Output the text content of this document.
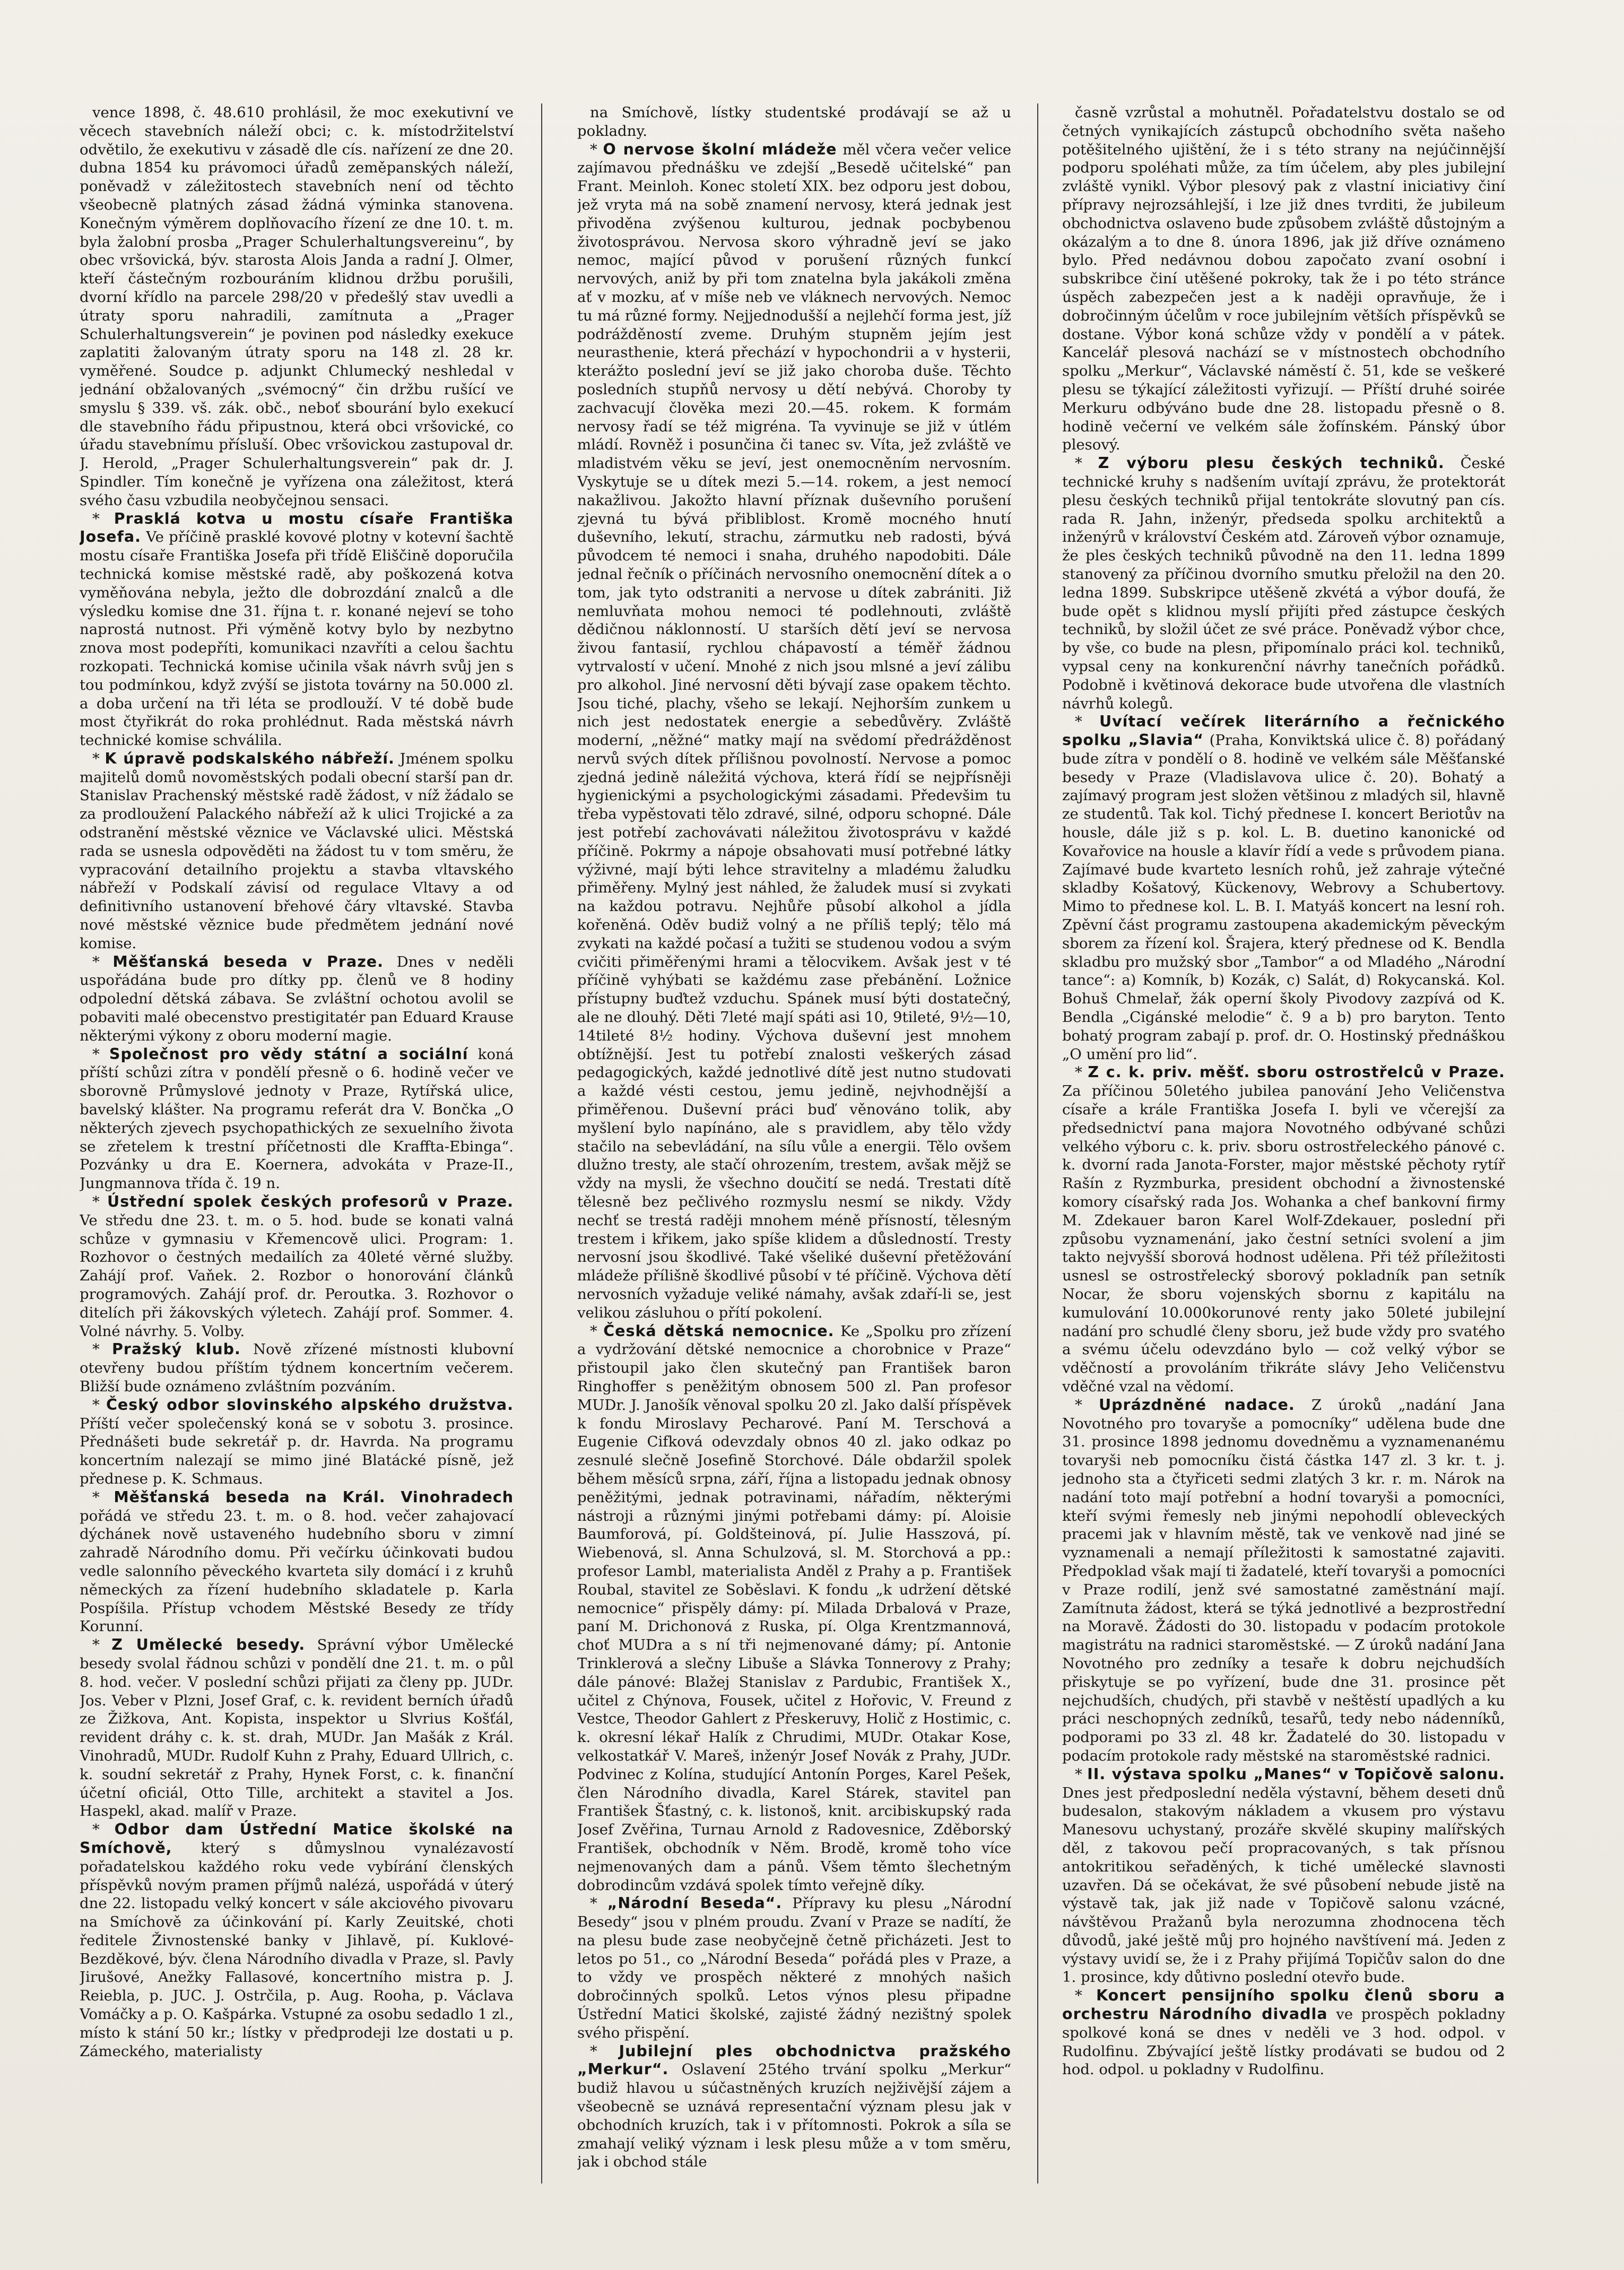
vence 1898, č. 48.610 prohlásil, že moc exekutivní ve věcech stavebních náleží obci; c. k. místodržitelství odvětilo, že exekutivu v zásadě dle cís. nařízení ze dne 20. dubna 1854 ku právomoci úřadů zeměpanských náleží, poněvadž v záležitostech stavebních není od těchto všeobecně platných zásad žádná výminka stanovena. Konečným výměrem doplňovacího řízení ze dne 10. t. m. byla žalobní prosba „Prager Schulerhaltungsvereinu“, by obec vršovická, býv. starosta Alois Janda a radní J. Olmer, kteří částečným rozbouráním klidnou držbu porušili, dvorní křídlo na parcele 298/20 v předešlý stav uvedli a útraty sporu nahradili, zamítnuta a „Prager Schulerhaltungsverein“ je povinen pod následky exekuce zaplatiti žalovaným útraty sporu na 148 zl. 28 kr. vyměřené. Soudce p. adjunkt Chlumecký neshledal v jednání obžalovaných „svémocný“ čin držbu rušící ve smyslu § 339. vš. zák. obč., neboť sbourání bylo exekucí dle stavebního řádu připustnou, která obci vršovické, co úřadu stavebnímu přísluší. Obec vršovickou zastupoval dr. J. Herold, „Prager Schulerhaltungsverein“ pak dr. J. Spindler. Tím konečně je vyřízena ona záležitost, která svého času vzbudila neobyčejnou sensaci.

* Prasklá kotva u mostu císaře Františka Josefa. Ve příčině prasklé kovové plotny v kotevní šachtě mostu císaře Františka Josefa při třídě Eliščině doporučila technická komise městské radě, aby poškozená kotva vyměňována nebyla, ježto dle dobrozdání znalců a dle výsledku komise dne 31. října t. r. konané nejeví se toho naprostá nutnost. Při výměně kotvy bylo by nezbytno znova most podepříti, komunikaci nzavříti a celou šachtu rozkopati. Technická komise učinila však návrh svůj jen s tou podmínkou, když zvýší se jistota továrny na 50.000 zl. a doba určení na tři léta se prodlouží. V té době bude most čtyřikrát do roka prohlédnut. Rada městská návrh technické komise schválila.

* K úpravě podskalského nábřeží. Jménem spolku majitelů domů novoměstských podali obecní starší pan dr. Stanislav Prachenský městské radě žádost, v níž žádalo se za prodloužení Palackého nábřeží až k ulici Trojické a za odstranění městské věznice ve Václavské ulici. Městská rada se usnesla odpověděti na žádost tu v tom směru, že vypracování detailního projektu a stavba vltavského nábřeží v Podskalí závisí od regulace Vltavy a od definitivního ustanovení břehové čáry vltavské. Stavba nové městské věznice bude předmětem jednání nové komise.

* Měšťanská beseda v Praze. Dnes v neděli uspořádána bude pro dítky pp. členů ve 8 hodiny odpolední dětská zábava. Se zvláštní ochotou avolil se pobaviti malé obecenstvo prestigitatér pan Eduard Krause některými výkony z oboru moderní magie.

* Společnost pro vědy státní a sociální koná příští schůzi zítra v pondělí přesně o 6. hodině večer ve sborovně Průmyslové jednoty v Praze, Rytířská ulice, bavelský klášter. Na programu referát dra V. Bončka „O některých zjevech psychopathických ze sexuelního života se zřetelem k trestní příčetnosti dle Kraffta-Ebinga“. Pozvánky u dra E. Koernera, advokáta v Praze-II., Jungmannova třída č. 19 n.

* Ústřední spolek českých profesorů v Praze. Ve středu dne 23. t. m. o 5. hod. bude se konati valná schůze v gymnasiu v Křemencově ulici. Program: 1. Rozhovor o čestných medailích za 40leté věrné služby. Zahájí prof. Vaňek. 2. Rozbor o honorování článků programových. Zahájí prof. dr. Peroutka. 3. Rozhovor o ditelích při žákovských výletech. Zahájí prof. Sommer. 4. Volné návrhy. 5. Volby.

* Pražský klub. Nově zřízené místnosti klubovní otevřeny budou příštím týdnem koncertním večerem. Bližší bude oznámeno zvláštním pozváním.

* Český odbor slovinského alpského družstva. Příští večer společenský koná se v sobotu 3. prosince. Přednášeti bude sekretář p. dr. Havrda. Na programu koncertním nalezají se mimo jiné Blatácké písně, jež přednese p. K. Schmaus.

* Měšťanská beseda na Král. Vinohradech pořádá ve středu 23. t. m. o 8. hod. večer zahajovací dýchánek nově ustaveného hudebního sboru v zimní zahradě Národního domu. Při večírku účinkovati budou vedle salonního pěveckého kvarteta sily domácí i z kruhů německých za řízení hudebního skladatele p. Karla Pospíšila. Přístup vchodem Městské Besedy ze třídy Korunní.

* Z Umělecké besedy. Správní výbor Umělecké besedy svolal řádnou schůzi v pondělí dne 21. t. m. o půl 8. hod. večer. V poslední schůzi přijati za členy pp. JUDr. Jos. Veber v Plzni, Josef Graf, c. k. revident berních úřadů ze Žižkova, Ant. Kopista, inspektor u Slvrius Košťál, revident dráhy c. k. st. drah, MUDr. Jan Mašák z Král. Vinohradů, MUDr. Rudolf Kuhn z Prahy, Eduard Ullrich, c. k. soudní sekretář z Prahy, Hynek Forst, c. k. finanční účetní oficiál, Otto Tille, architekt a stavitel a Jos. Haspekl, akad. malíř v Praze.

* Odbor dam Ústřední Matice školské na Smíchově, který s důmyslnou vynalézavostí pořadatelskou každého roku vede vybírání členských příspěvků novým pramen příjmů nalézá, uspořádá v úterý dne 22. listopadu velký koncert v sále akciového pivovaru na Smíchově za účinkování pí. Karly Zeuitské, choti ředitele Živnostenské banky v Jihlavě, pí. Kuklové-Bezděkové, býv. člena Národního divadla v Praze, sl. Pavly Jirušové, Anežky Fallasové, koncertního mistra p. J. Reiebla, p. JUC. J. Ostrčila, p. Aug. Rooha, p. Václava Vomáčky a p. O. Kašpárka. Vstupné za osobu sedadlo 1 zl., místo k stání 50 kr.; lístky v předprodeji lze dostati u p. Zámeckého, materialisty

na Smíchově, lístky studentské prodávají se až u pokladny.

* O nervose školní mládeže měl včera večer velice zajímavou přednášku ve zdejší „Besedě učitelské“ pan Frant. Meinloh. Konec století XIX. bez odporu jest dobou, jež vryta má na sobě znamení nervosy, která jednak jest přivoděna zvýšenou kulturou, jednak pocbybenou životosprávou. Nervosa skoro výhradně jeví se jako nemoc, mající původ v porušení různých funkcí nervových, aniž by při tom znatelna byla jakákoli změna ať v mozku, ať v míše neb ve vláknech nervových. Nemoc tu má různé formy. Nejjednodušší a nejlehčí forma jest, jíž podrážděností zveme. Druhým stupněm jejím jest neurasthenie, která přechází v hypochondrii a v hysterii, kterážto poslední jeví se již jako choroba duše. Těchto posledních stupňů nervosy u dětí nebývá. Choroby ty zachvacují člověka mezi 20.—45. rokem. K formám nervosy řadí se též migréna. Ta vyvinuje se již v útlém mládí. Rovněž i posunčina či tanec sv. Víta, jež zvláště ve mladistvém věku se jeví, jest onemocněním nervosním. Vyskytuje se u dítek mezi 5.—14. rokem, a jest nemocí nakažlivou. Jakožto hlavní příznak duševního porušení zjevná tu bývá přibliblost. Kromě mocného hnutí duševního, lekutí, strachu, zármutku neb radosti, bývá původcem té nemoci i snaha, druhého napodobiti. Dále jednal řečník o příčinách nervosního onemocnění dítek a o tom, jak tyto odstraniti a nervose u dítek zabrániti. Již nemluvňata mohou nemoci té podlehnouti, zvláště dědičnou náklonností. U starších dětí jeví se nervosa živou fantasií, rychlou chápavostí a téměř žádnou vytrvalostí v učení. Mnohé z nich jsou mlsné a jeví zálibu pro alkohol. Jiné nervosní děti bývají zase opakem těchto. Jsou tiché, plachy, všeho se lekají. Nejhorším zunkem u nich jest nedostatek energie a sebedůvěry. Zvláště moderní, „něžné“ matky mají na svědomí předrážděnost nervů svých dítek přílišnou povolností. Nervose a pomoc zjedná jedině náležitá výchova, která řídí se nejpřísněji hygienickými a psychologickými zásadami. Předevšim tu třeba vypěstovati tělo zdravé, silné, odporu schopné. Dále jest potřebí zachovávati náležitou životosprávu v každé příčině. Pokrmy a nápoje obsahovati musí potřebné látky výživné, mají býti lehce stravitelny a mladému žaludku přiměřeny. Mylný jest náhled, že žaludek musí si zvykati na každou potravu. Nejhůře působí alkohol a jídla kořeněná. Oděv budiž volný a ne příliš teplý; tělo má zvykati na každé počasí a tužiti se studenou vodou a svým cvičiti přiměřenými hrami a tělocvikem. Avšak jest v té příčině vyhýbati se každému zase přebánění. Ložnice přístupny buďtež vzduchu. Spánek musí býti dostatečný, ale ne dlouhý. Děti 7leté mají spáti asi 10, 9tileté, 9½—10, 14tileté 8½ hodiny. Výchova duševní jest mnohem obtížnější. Jest tu potřebí znalosti veškerých zásad pedagogických, každé jednotlivé dítě jest nutno studovati a každé vésti cestou, jemu jedině, nejvhodnější a přiměřenou. Duševní práci buď věnováno tolik, aby myšlení bylo napínáno, ale s pravidlem, aby tělo vždy stačilo na sebevládání, na sílu vůle a energii. Tělo ovšem dlužno tresty, ale stačí ohrozením, trestem, avšak mějž se vždy na mysli, že všechno doučití se nedá. Trestati dítě tělesně bez pečlivého rozmyslu nesmí se nikdy. Vždy nechť se trestá raději mnohem méně přísností, tělesným trestem i křikem, jako spíše klidem a důsledností. Tresty nervosní jsou škodlivé. Také všeliké duševní přetěžování mládeže přílišně škodlivé působí v té příčině. Výchova dětí nervosních vyžaduje veliké námahy, avšak zdaří-li se, jest velikou zásluhou o přítí pokolení.

* Česká dětská nemocnice. Ke „Spolku pro zřízení a vydržování dětské nemocnice a chorobnice v Praze“ přistoupil jako člen skutečný pan František baron Ringhoffer s peněžitým obnosem 500 zl. Pan profesor MUDr. J. Janošík věnoval spolku 20 zl. Jako další příspěvek k fondu Miroslavy Pecharové. Paní M. Terschová a Eugenie Cifková odevzdaly obnos 40 zl. jako odkaz po zesnulé slečně Josefině Storchové. Dále obdaržil spolek během měsíců srpna, září, října a listopadu jednak obnosy peněžitými, jednak potravinami, nářadím, některými nástroji a různými jinými potřebami dámy: pí. Aloisie Baumforová, pí. Goldšteinová, pí. Julie Hasszová, pí. Wiebenová, sl. Anna Schulzová, sl. M. Storchová a pp.: profesor Lambl, materialista Anděl z Prahy a p. František Roubal, stavitel ze Soběslavi. K fondu „k udržení dětské nemocnice“ přispěly dámy: pí. Milada Drbalová v Praze, paní M. Drichonová z Ruska, pí. Olga Krentzmannová, choť MUDra a s ní tři nejmenované dámy; pí. Antonie Trinklerová a slečny Libuše a Slávka Tonnerovy z Prahy; dále pánové: Blažej Stanislav z Pardubic, František X., učitel z Chýnova, Fousek, učitel z Hořovic, V. Freund z Vestce, Theodor Gahlert z Přeskeruvy, Holič z Hostimic, c. k. okresní lékař Halík z Chrudimi, MUDr. Otakar Kose, velkostatkář V. Mareš, inženýr Josef Novák z Prahy, JUDr. Podvinec z Kolína, studující Antonín Porges, Karel Pešek, člen Národního divadla, Karel Stárek, stavitel pan František Šťastný, c. k. listonoš, knit. arcibiskupský rada Josef Zvěřina, Turnau Arnold z Radovesnice, Zděborský František, obchodník v Něm. Brodě, kromě toho více nejmenovaných dam a pánů. Všem těmto šlechetným dobrodincům vzdává spolek tímto veřejně díky.

* „Národní Beseda“. Přípravy ku plesu „Národní Besedy“ jsou v plném proudu. Zvaní v Praze se nadítí, že na plesu bude zase neobyčejně četně přicházeti. Jest to letos po 51., co „Národní Beseda“ pořádá ples v Praze, a to vždy ve prospěch některé z mnohých našich dobročinných spolků. Letos výnos plesu připadne Ústřední Matici školské, zajisté žádný nezištný spolek svého přispění.

* Jubilejní ples obchodnictva pražského „Merkur“. Oslavení 25tého trvání spolku „Merkur“ budiž hlavou u súčastněných kruzích nejživější zájem a všeobecně se uznává representační význam plesu jak v obchodních kruzích, tak i v přítomnosti. Pokrok a síla se zmahají veliký význam i lesk plesu může a v tom směru, jak i obchod stále

časně vzrůstal a mohutněl. Pořadatelstvu dostalo se od četných vynikajících zástupců obchodního světa našeho potěšitelného ujištění, že i s této strany na nejúčinnější podporu spoléhati může, za tím účelem, aby ples jubilejní zvláště vynikl. Výbor plesový pak z vlastní iniciativy činí přípravy nejrozsáhlejší, i lze již dnes tvrditi, že jubileum obchodnictva oslaveno bude způsobem zvláště důstojným a okázalým a to dne 8. února 1896, jak již dříve oznámeno bylo. Před nedávnou dobou započato zvaní osobní i subskribce činí utěšené pokroky, tak že i po této stránce úspěch zabezpečen jest a k naději opravňuje, že i dobročinným účelům v roce jubilejním větších příspěvků se dostane. Výbor koná schůze vždy v pondělí a v pátek. Kancelář plesová nachází se v místnostech obchodního spolku „Merkur“, Václavské náměstí č. 51, kde se veškeré plesu se týkající záležitosti vyřizují. — Příští druhé soirée Merkuru odbýváno bude dne 28. listopadu přesně o 8. hodině večerní ve velkém sále žofínském. Pánský úbor plesový.

* Z výboru plesu českých techniků. České technické kruhy s nadšením uvítají zprávu, že protektorát plesu českých techniků přijal tentokráte slovutný pan cís. rada R. Jahn, inženýr, předseda spolku architektů a inženýrů v království Českém atd. Zároveň výbor oznamuje, že ples českých techniků původně na den 11. ledna 1899 stanovený za příčinou dvorního smutku přeložil na den 20. ledna 1899. Subskripce utěšeně zkvétá a výbor doufá, že bude opět s klidnou myslí přijíti před zástupce českých techniků, by složil účet ze své práce. Poněvadž výbor chce, by vše, co bude na plesn, připomínalo práci kol. techniků, vypsal ceny na konkurenční návrhy tanečních pořádků. Podobně i květinová dekorace bude utvořena dle vlastních návrhů kolegů.

* Uvítací večírek literárního a řečnického spolku „Slavia“ (Praha, Konviktská ulice č. 8) pořádaný bude zítra v pondělí o 8. hodině ve velkém sále Měšťanské besedy v Praze (Vladislavova ulice č. 20). Bohatý a zajímavý program jest složen většinou z mladých sil, hlavně ze studentů. Tak kol. Tichý přednese I. koncert Beriotův na housle, dále již s p. kol. L. B. duetino kanonické od Kovařovice na housle a klavír řídí a vede s průvodem piana. Zajímavé bude kvarteto lesních rohů, jež zahraje výtečné skladby Košatový, Kückenovy, Webrovy a Schubertovy. Mimo to přednese kol. L. B. I. Matyáš koncert na lesní roh. Zpěvní část programu zastoupena akademickým pěveckým sborem za řízení kol. Šrajera, který přednese od K. Bendla skladbu pro mužský sbor „Tambor“ a od Mladého „Národní tance“: a) Komník, b) Kozák, c) Salát, d) Rokycanská. Kol. Bohuš Chmelař, žák operní školy Pivodovy zazpívá od K. Bendla „Cigánské melodie“ č. 9 a b) pro baryton. Tento bohatý program zabají p. prof. dr. O. Hostinský přednáškou „O umění pro lid“.

* Z c. k. priv. měšť. sboru ostrostřelců v Praze. Za příčinou 50letého jubilea panování Jeho Veličenstva císaře a krále Františka Josefa I. byli ve včerejší za předsednictví pana majora Novotného odbývané schůzi velkého výboru c. k. priv. sboru ostrostřeleckého pánové c. k. dvorní rada Janota-Forster, major městské pěchoty rytíř Rašín z Ryzmburka, president obchodní a živnostenské komory císařský rada Jos. Wohanka a chef bankovní firmy M. Zdekauer baron Karel Wolf-Zdekauer, poslední při způsobu vyznamenání, jako čestní setníci svolení a jim takto nejvyšší sborová hodnost udělena. Při též příležitosti usnesl se ostrostřelecký sborový pokladník pan setník Nocar, že sboru vojenských sbornu z kapitálu na kumulování 10.000korunové renty jako 50leté jubilejní nadání pro schudlé členy sboru, jež bude vždy pro svatého a svému účelu odevzdáno bylo — což velký výbor se vděčností a provoláním třikráte slávy Jeho Veličenstvu vděčné vzal na vědomí.

* Uprázdněné nadace. Z úroků „nadání Jana Novotného pro tovaryše a pomocníky“ udělena bude dne 31. prosince 1898 jednomu dovedněmu a vyznamenanému tovaryši neb pomocníku čistá částka 147 zl. 3 kr. t. j. jednoho sta a čtyřiceti sedmi zlatých 3 kr. r. m. Nárok na nadání toto mají potřební a hodní tovaryši a pomocníci, kteří svými řemesly neb jinými nepohodlí obleveckých pracemi jak v hlavním městě, tak ve venkově nad jiné se vyznamenali a nemají příležitosti k samostatné zajaviti. Předpoklad však mají ti žadatelé, kteří tovaryši a pomocníci v Praze rodilí, jenž své samostatné zaměstnání mají. Zamítnuta žádost, která se týká jednotlivé a bezprostřední na Moravě. Žádosti do 30. listopadu v podacím protokole magistrátu na radnici staroměstské. — Z úroků nadání Jana Novotného pro zedníky a tesaře k dobru nejchudších přiskytuje se po vyřízení, bude dne 31. prosince pět nejchudších, chudých, při stavbě v neštěstí upadlých a ku práci neschopných zedníků, tesařů, tedy nebo nádenníků, podporami po 33 zl. 48 kr. Žadatelé do 30. listopadu v podacím protokole rady městské na staroměstské radnici.

* II. výstava spolku „Manes“ v Topičově salonu. Dnes jest předposlední neděla výstavní, během deseti dnů budesalon, stakovým nákladem a vkusem pro výstavu Manesovu uchystaný, prozáře skvělé skupiny malířských děl, z takovou pečí propracovaných, s tak přísnou antokritikou seřaděných, k tiché umělecké slavnosti uzavřen. Dá se očekávat, že své působení nebude jistě na výstavě tak, jak již nade v Topičově salonu vzácné, návštěvou Pražanů byla nerozumna zhodnocena těch důvodů, jaké ještě můj pro hojného navštívení má. Jeden z výstavy uvidí se, že i z Prahy přijímá Topičův salon do dne 1. prosince, kdy důtivno poslední otevřo bude.

* Koncert pensijního spolku členů sboru a orchestru Národního divadla ve prospěch pokladny spolkové koná se dnes v neděli ve 3 hod. odpol. v Rudolfinu. Zbývající ještě lístky prodávati se budou od 2 hod. odpol. u pokladny v Rudolfinu.
